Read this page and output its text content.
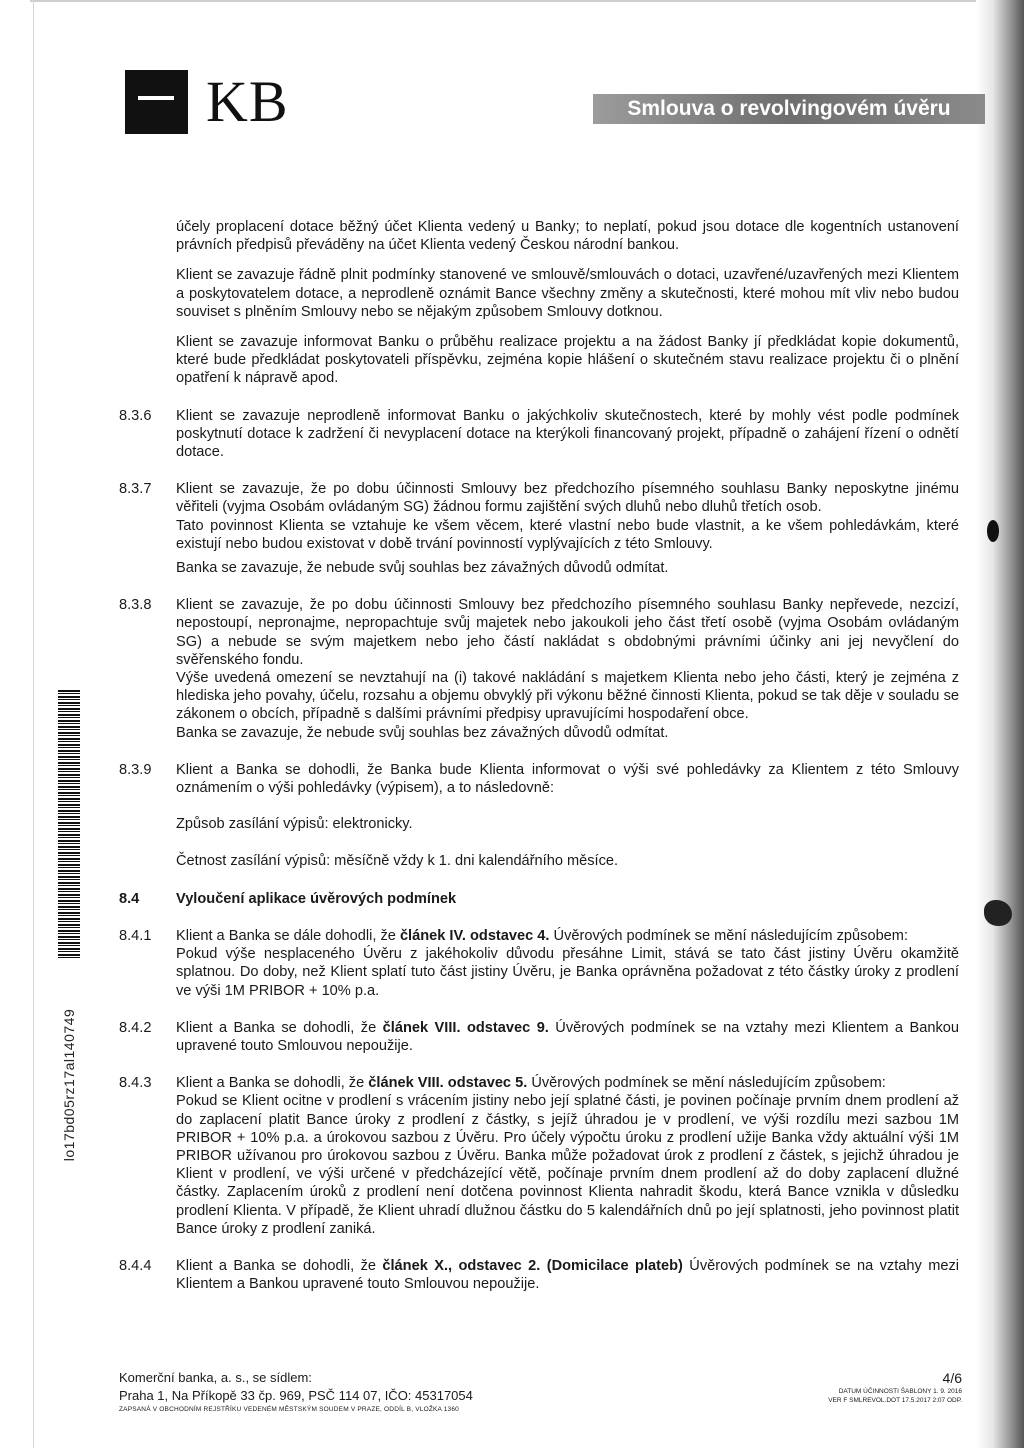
KB	Smlouva o revolvingovém úvěru

účely proplacení dotace běžný účet Klienta vedený u Banky; to neplatí, pokud jsou dotace dle kogentních ustanovení právních předpisů převáděny na účet Klienta vedený Českou národní bankou.

Klient se zavazuje řádně plnit podmínky stanovené ve smlouvě/smlouvách o dotaci, uzavřené/uzavřených mezi Klientem a poskytovatelem dotace, a neprodleně oznámit Bance všechny změny a skutečnosti, které mohou mít vliv nebo budou souviset s plněním Smlouvy nebo se nějakým způsobem Smlouvy dotknou.

Klient se zavazuje informovat Banku o průběhu realizace projektu a na žádost Banky jí předkládat kopie dokumentů, které bude předkládat poskytovateli příspěvku, zejména kopie hlášení o skutečném stavu realizace projektu či o plnění opatření k nápravě apod.

8.3.6	Klient se zavazuje neprodleně informovat Banku o jakýchkoliv skutečnostech, které by mohly vést podle podmínek poskytnutí dotace k zadržení či nevyplacení dotace na kterýkoli financovaný projekt, případně o zahájení řízení o odnětí dotace.
8.3.7	Klient se zavazuje, že po dobu účinnosti Smlouvy bez předchozího písemného souhlasu Banky neposkytne jinému věřiteli (vyjma Osobám ovládaným SG) žádnou formu zajištění svých dluhů nebo dluhů třetích osob.

Tato povinnost Klienta se vztahuje ke všem věcem, které vlastní nebo bude vlastnit, a ke všem pohledávkám, které existují nebo budou existovat v době trvání povinností vyplývajících z této Smlouvy.

Banka se zavazuje, že nebude svůj souhlas bez závažných důvodů odmítat.

8.3.8	Klient se zavazuje, že po dobu účinnosti Smlouvy bez předchozího písemného souhlasu Banky nepřevede, nezcizí, nepostoupí, nepronajme, nepropachtuje svůj majetek nebo jakoukoli jeho část třetí osobě (vyjma Osobám ovládaným SG) a nebude se svým majetkem nebo jeho částí nakládat s obdobnými právními účinky ani jej nevyčlení do svěřenského fondu.

Výše uvedená omezení se nevztahují na (i) takové nakládání s majetkem Klienta nebo jeho části, který je zejména z hlediska jeho povahy, účelu, rozsahu a objemu obvyklý při výkonu běžné činnosti Klienta, pokud se tak děje v souladu se zákonem o obcích, případně s dalšími právními předpisy upravujícími hospodaření obce.

Banka se zavazuje, že nebude svůj souhlas bez závažných důvodů odmítat.

8.3.9	Klient a Banka se dohodli, že Banka bude Klienta informovat o výši své pohledávky za Klientem z této Smlouvy oznámením o výši pohledávky (výpisem), a to následovně:

Způsob zasílání výpisů: elektronicky.

Četnost zasílání výpisů: měsíčně vždy k 1. dni kalendářního měsíce.

8.4	Vyloučení aplikace úvěrových podmínek
8.4.1	Klient a Banka se dále dohodli, že článek IV. odstavec 4. Úvěrových podmínek se mění následujícím způsobem:

Pokud výše nesplaceného Úvěru z jakéhokoliv důvodu přesáhne Limit, stává se tato část jistiny Úvěru okamžitě splatnou. Do doby, než Klient splatí tuto část jistiny Úvěru, je Banka oprávněna požadovat z této částky úroky z prodlení ve výši 1M PRIBOR + 10% p.a.

8.4.2	Klient a Banka se dohodli, že článek VIII. odstavec 9. Úvěrových podmínek se na vztahy mezi Klientem a Bankou upravené touto Smlouvou nepoužije.

8.4.3	Klient a Banka se dohodli, že článek VIII. odstavec 5. Úvěrových podmínek se mění následujícím způsobem:

Pokud se Klient ocitne v prodlení s vrácením jistiny nebo její splatné části, je povinen počínaje prvním dnem prodlení až do zaplacení platit Bance úroky z prodlení z částky, s jejíž úhradou je v prodlení, ve výši rozdílu mezi sazbou 1M PRIBOR + 10% p.a. a úrokovou sazbou z Úvěru. Pro účely výpočtu úroku z prodlení užije Banka vždy aktuální výši 1M PRIBOR užívanou pro úrokovou sazbou z Úvěru. Banka může požadovat úrok z prodlení z částek, s jejichž úhradou je Klient v prodlení, ve výši určené v předcházející větě, počínaje prvním dnem prodlení až do doby zaplacení dlužné částky. Zaplacením úroků z prodlení není dotčena povinnost Klienta nahradit škodu, která Bance vznikla v důsledku prodlení Klienta. V případě, že Klient uhradí dlužnou částku do 5 kalendářních dnů po její splatnosti, jeho povinnost platit Bance úroky z prodlení zaniká.

8.4.4	Klient a Banka se dohodli, že článek X., odstavec 2. (Domicilace plateb) Úvěrových podmínek se na vztahy mezi Klientem a Bankou upravené touto Smlouvou nepoužije.

lo17bd05rz17al140749
Komerční banka, a. s., se sídlem:
Praha 1, Na Příkopě 33 čp. 969, PSČ 114 07, IČO: 45317054
ZAPSANÁ V OBCHODNÍM REJSTŘÍKU VEDENÉM MĚSTSKÝM SOUDEM V PRAZE, ODDÍL B, VLOŽKA 1360
4/6
DATUM ÚČINNOSTI ŠABLONY 1. 9. 2016
VER F SMLREVOL.DOT 17.5.2017 2:07 ODP.
